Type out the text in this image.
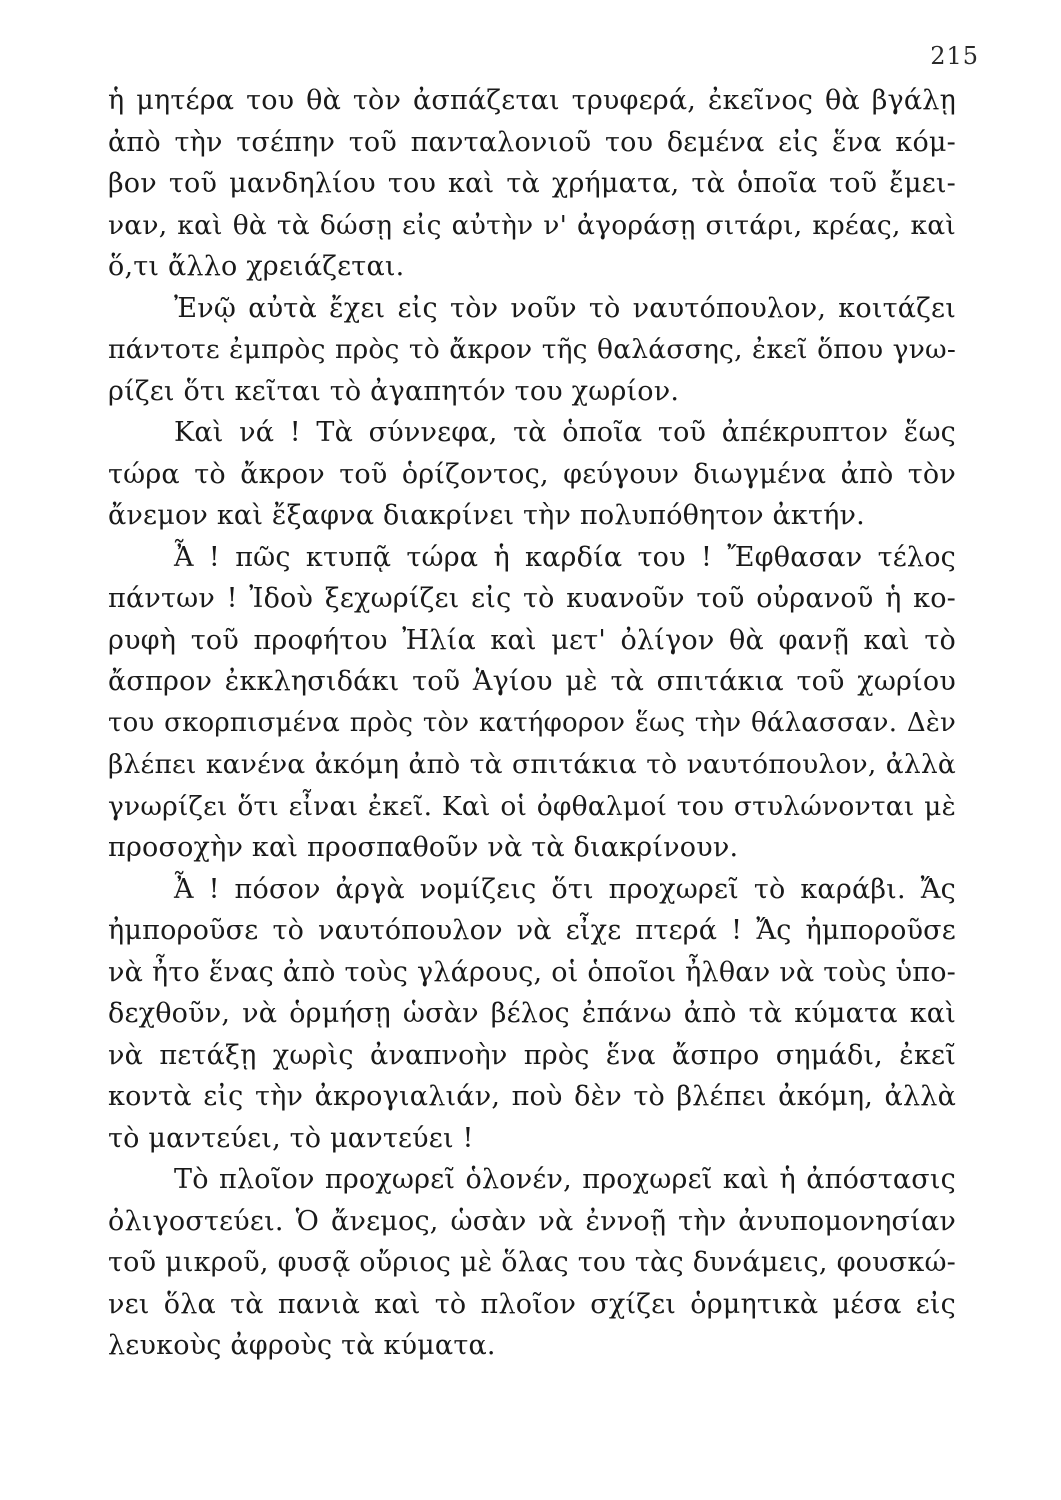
215
ἡ μητέρα του θὰ τὸν ἀσπάζεται τρυφερά, ἐκεῖνος θὰ βγάλῃ
ἀπὸ τὴν τσέπην τοῦ πανταλονιοῦ του δεμένα εἰς ἕνα κόμ-
βον τοῦ μανδηλίου του καὶ τὰ χρήματα, τὰ ὁποῖα τοῦ ἔμει-
ναν, καὶ θὰ τὰ δώσῃ εἰς αὐτὴν ν' ἀγοράσῃ σιτάρι, κρέας, καὶ
ὅ,τι ἄλλο χρειάζεται.
Ἐνῷ αὐτὰ ἔχει εἰς τὸν νοῦν τὸ ναυτόπουλον, κοιτάζει
πάντοτε ἐμπρὸς πρὸς τὸ ἄκρον τῆς θαλάσσης, ἐκεῖ ὅπου γνω-
ρίζει ὅτι κεῖται τὸ ἀγαπητόν του χωρίον.
Καὶ νά ! Τὰ σύννεφα, τὰ ὁποῖα τοῦ ἀπέκρυπτον ἕως
τώρα τὸ ἄκρον τοῦ ὁρίζοντος, φεύγουν διωγμένα ἀπὸ τὸν
ἄνεμον καὶ ἔξαφνα διακρίνει τὴν πολυπόθητον ἀκτήν.
Ἆ ! πῶς κτυπᾷ τώρα ἡ καρδία του ! Ἔφθασαν τέλος
πάντων ! Ἰδοὺ ξεχωρίζει εἰς τὸ κυανοῦν τοῦ οὐρανοῦ ἡ κο-
ρυφὴ τοῦ προφήτου Ἠλία καὶ μετ' ὀλίγον θὰ φανῇ καὶ τὸ
ἄσπρον ἐκκλησιδάκι τοῦ Ἁγίου μὲ τὰ σπιτάκια τοῦ χωρίου
του σκορπισμένα πρὸς τὸν κατήφορον ἕως τὴν θάλασσαν. Δὲν
βλέπει κανένα ἀκόμη ἀπὸ τὰ σπιτάκια τὸ ναυτόπουλον, ἀλλὰ
γνωρίζει ὅτι εἶναι ἐκεῖ. Καὶ οἱ ὀφθαλμοί του στυλώνονται μὲ
προσοχὴν καὶ προσπαθοῦν νὰ τὰ διακρίνουν.
Ἆ ! πόσον ἀργὰ νομίζεις ὅτι προχωρεῖ τὸ καράβι. Ἄς
ἠμποροῦσε τὸ ναυτόπουλον νὰ εἶχε πτερά ! Ἄς ἠμποροῦσε
νὰ ἦτο ἕνας ἀπὸ τοὺς γλάρους, οἱ ὁποῖοι ἦλθαν νὰ τοὺς ὑπο-
δεχθοῦν, νὰ ὁρμήσῃ ὡσὰν βέλος ἐπάνω ἀπὸ τὰ κύματα καὶ
νὰ πετάξῃ χωρὶς ἀναπνοὴν πρὸς ἕνα ἄσπρο σημάδι, ἐκεῖ
κοντὰ εἰς τὴν ἀκρογιαλιάν, ποὺ δὲν τὸ βλέπει ἀκόμη, ἀλλὰ
τὸ μαντεύει, τὸ μαντεύει !
Τὸ πλοῖον προχωρεῖ ὁλονέν, προχωρεῖ καὶ ἡ ἀπόστασις
ὀλιγοστεύει. Ὁ ἄνεμος, ὡσὰν νὰ ἐννοῇ τὴν ἀνυπομονησίαν
τοῦ μικροῦ, φυσᾷ οὔριος μὲ ὅλας του τὰς δυνάμεις, φουσκώ-
νει ὅλα τὰ πανιὰ καὶ τὸ πλοῖον σχίζει ὁρμητικὰ μέσα εἰς
λευκοὺς ἀφροὺς τὰ κύματα.
